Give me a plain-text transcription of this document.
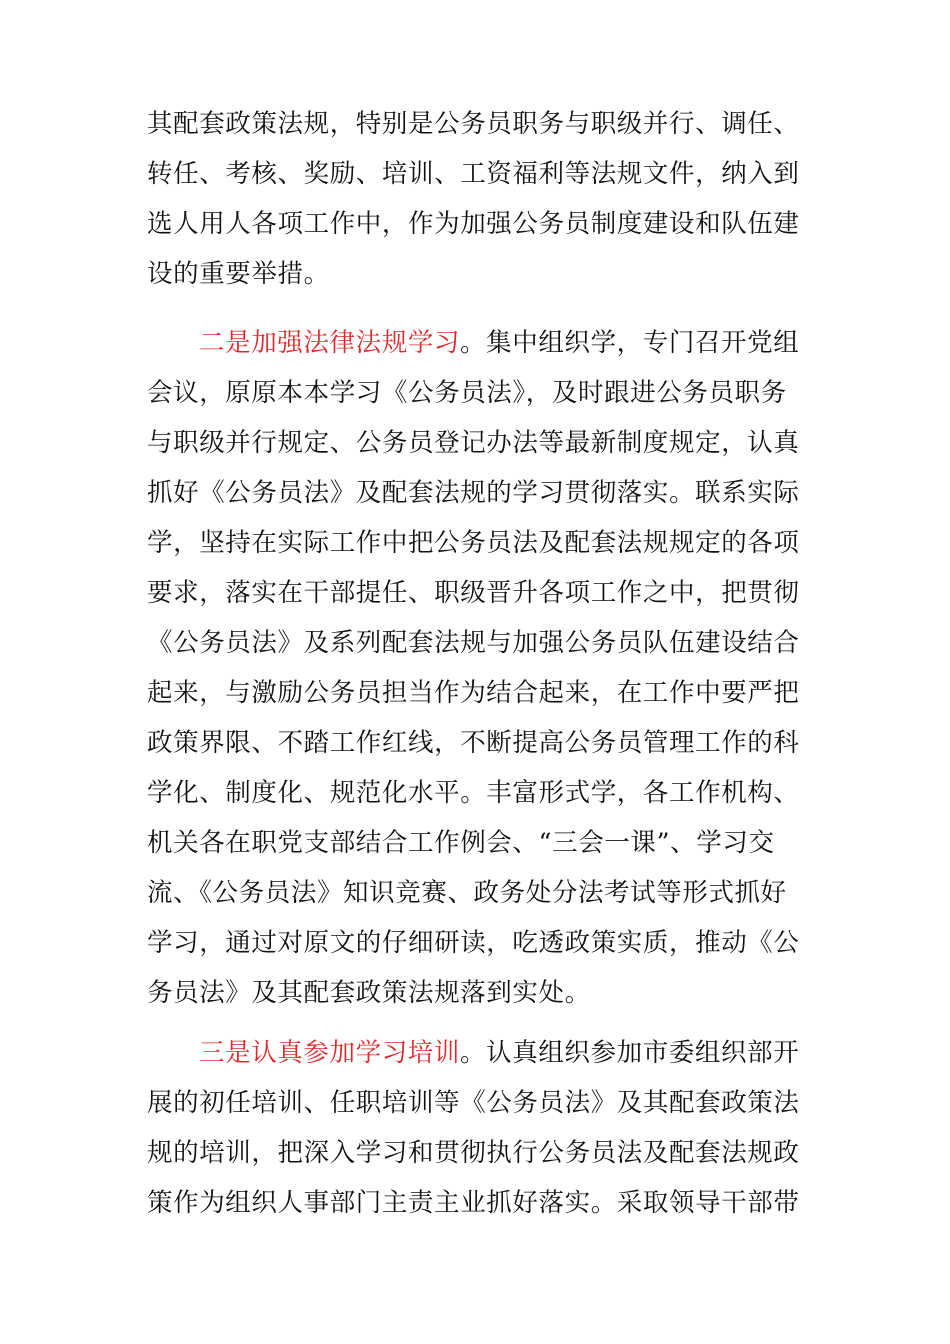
其配套政策法规，特别是公务员职务与职级并行、调任、
转任、考核、奖励、培训、工资福利等法规文件，纳入到
选人用人各项工作中，作为加强公务员制度建设和队伍建
设的重要举措。
二是加强法律法规学习。集中组织学，专门召开党组
会议，原原本本学习《公务员法》，及时跟进公务员职务
与职级并行规定、公务员登记办法等最新制度规定，认真
抓好《公务员法》及配套法规的学习贯彻落实。联系实际
学，坚持在实际工作中把公务员法及配套法规规定的各项
要求，落实在干部提任、职级晋升各项工作之中，把贯彻
《公务员法》及系列配套法规与加强公务员队伍建设结合
起来，与激励公务员担当作为结合起来，在工作中要严把
政策界限、不踏工作红线，不断提高公务员管理工作的科
学化、制度化、规范化水平。丰富形式学，各工作机构、
机关各在职党支部结合工作例会、“三会一课”、学习交
流、《公务员法》知识竞赛、政务处分法考试等形式抓好
学习，通过对原文的仔细研读，吃透政策实质，推动《公
务员法》及其配套政策法规落到实处。
三是认真参加学习培训。认真组织参加市委组织部开
展的初任培训、任职培训等《公务员法》及其配套政策法
规的培训，把深入学习和贯彻执行公务员法及配套法规政
策作为组织人事部门主责主业抓好落实。采取领导干部带
